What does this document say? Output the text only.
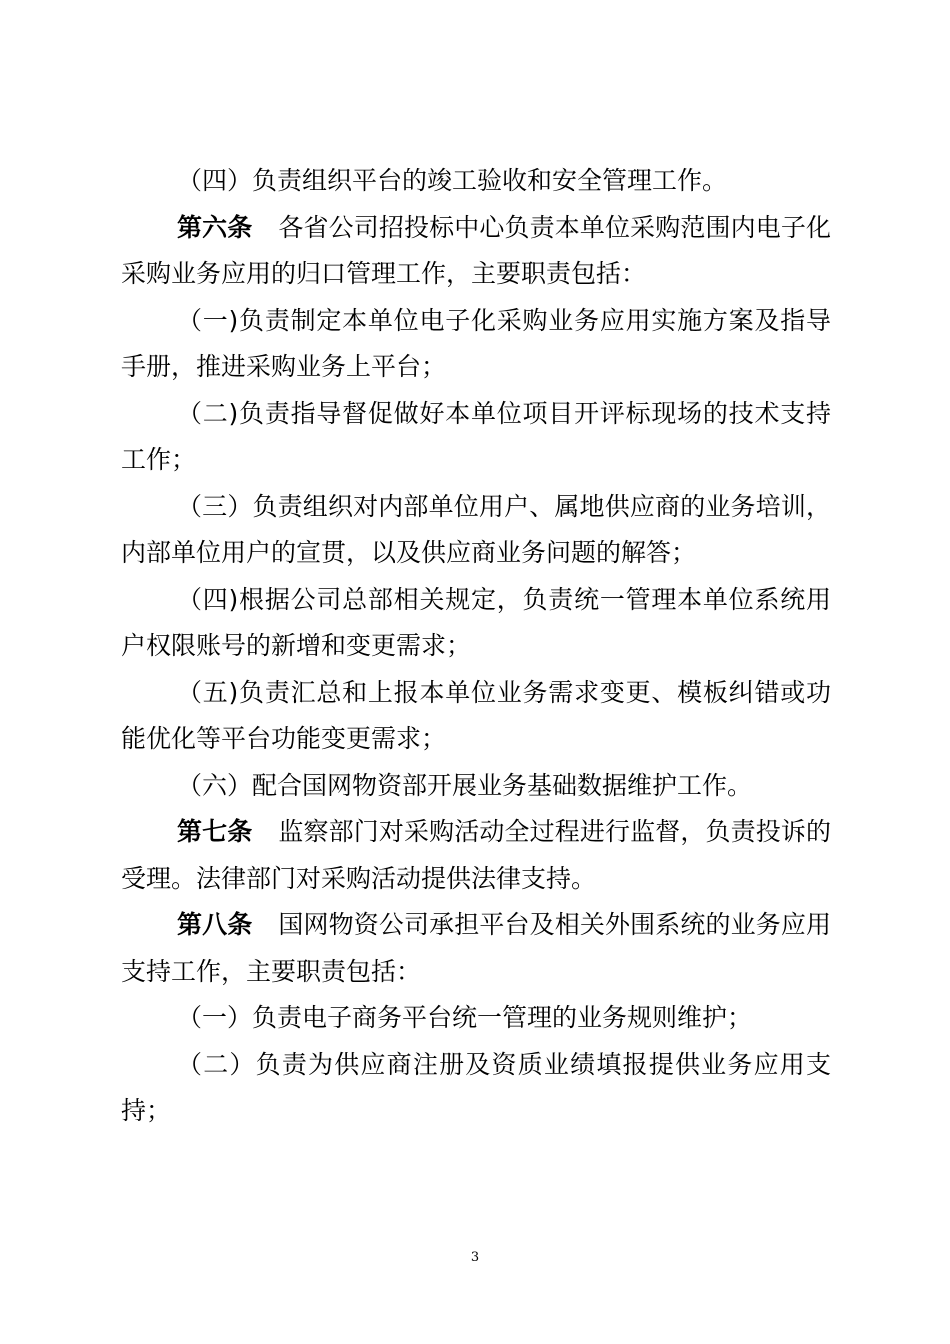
（四）负责组织平台的竣工验收和安全管理工作。

第六条 各省公司招投标中心负责本单位采购范围内电子化采购业务应用的归口管理工作，主要职责包括：

（一)负责制定本单位电子化采购业务应用实施方案及指导手册，推进采购业务上平台；

（二)负责指导督促做好本单位项目开评标现场的技术支持工作；

（三）负责组织对内部单位用户、属地供应商的业务培训，内部单位用户的宣贯，以及供应商业务问题的解答；

（四)根据公司总部相关规定，负责统一管理本单位系统用户权限账号的新增和变更需求；

（五)负责汇总和上报本单位业务需求变更、模板纠错或功能优化等平台功能变更需求；

（六）配合国网物资部开展业务基础数据维护工作。

第七条 监察部门对采购活动全过程进行监督，负责投诉的受理。法律部门对采购活动提供法律支持。

第八条 国网物资公司承担平台及相关外围系统的业务应用支持工作，主要职责包括：

（一）负责电子商务平台统一管理的业务规则维护；

（二）负责为供应商注册及资质业绩填报提供业务应用支持；

3
